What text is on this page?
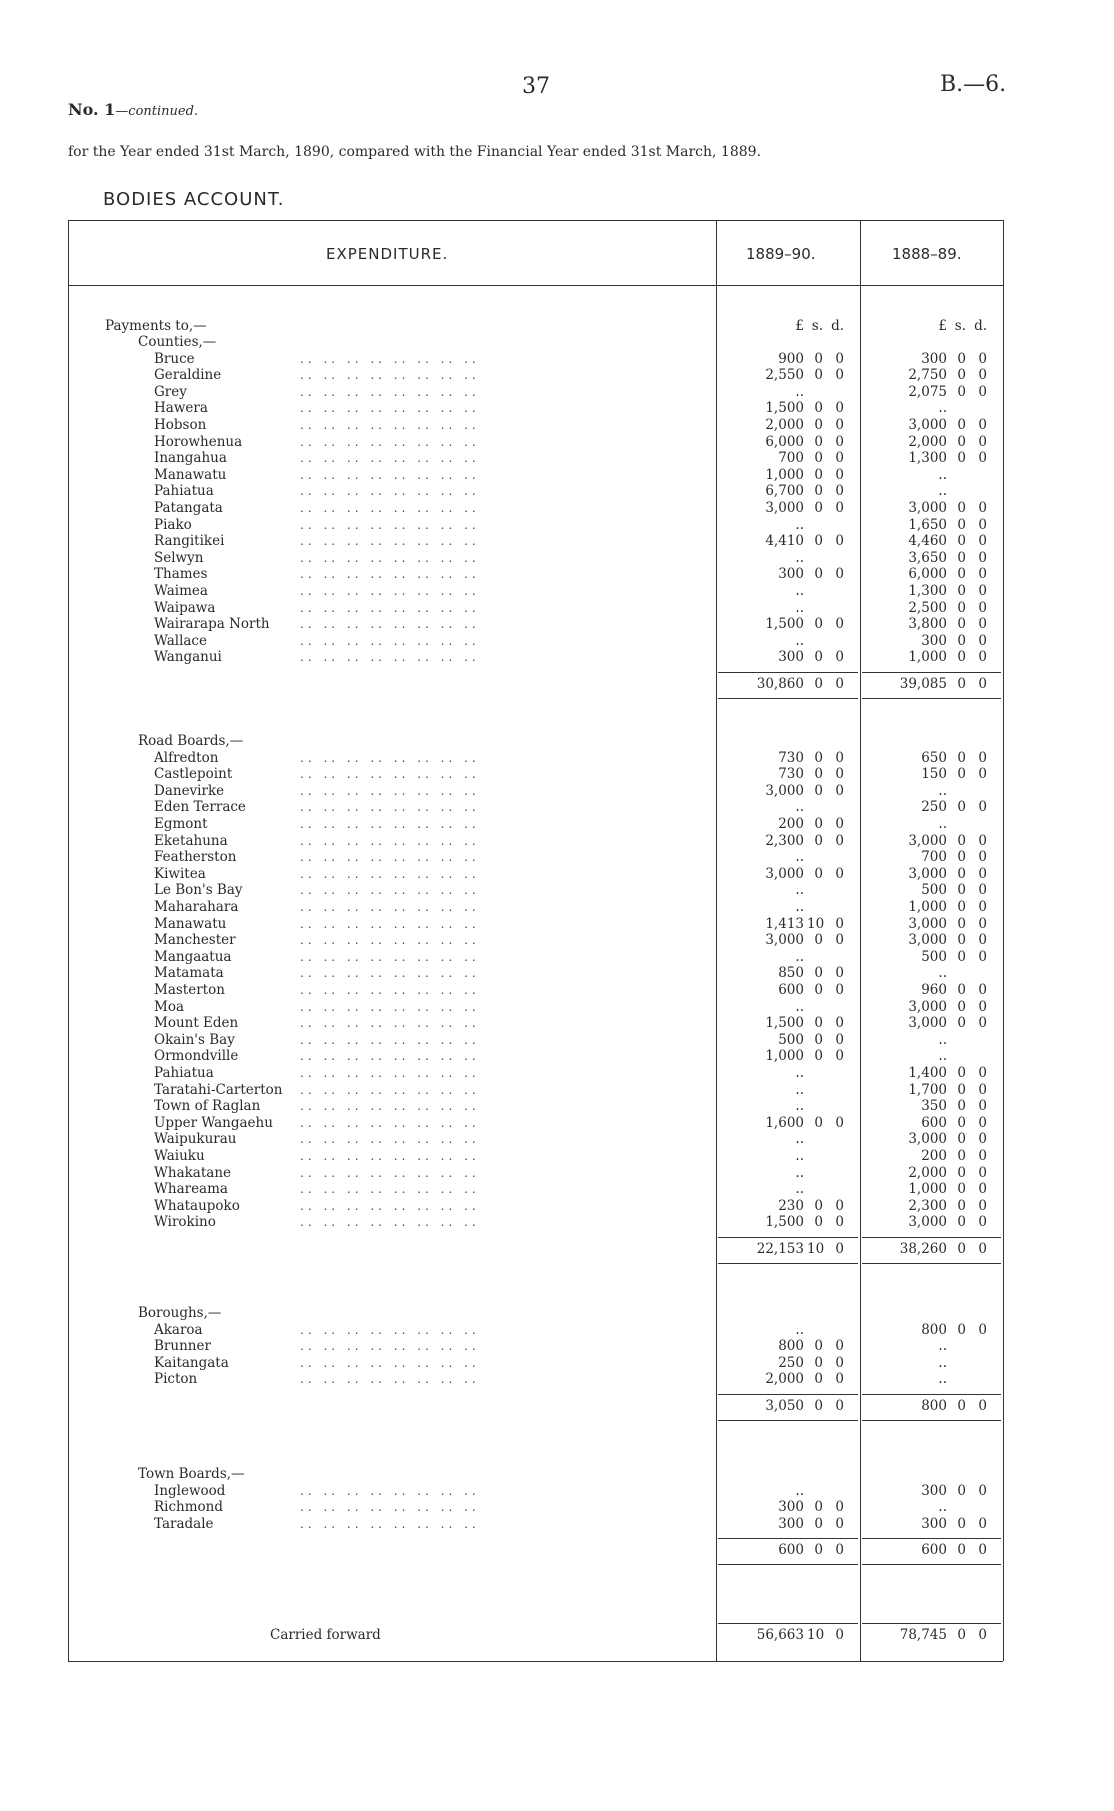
37	B.—6.
No. 1—continued.
for the Year ended 31st March, 1890, compared with the Financial Year ended 31st March, 1889.
BODIES ACCOUNT.
EXPENDITURE.	1889–90.	1888–89.
Payments to,—	£ s. d.	£ s. d.
Counties,—
Bruce	.. .. .. .. .. .. .. ..	900 0 0	300 0 0
Geraldine	.. .. .. .. .. .. .. ..	2,550 0 0	2,750 0 0
Grey	.. .. .. .. .. .. .. ..	..	2,075 0 0
Hawera	.. .. .. .. .. .. .. ..	1,500 0 0	..
Hobson	.. .. .. .. .. .. .. ..	2,000 0 0	3,000 0 0
Horowhenua	.. .. .. .. .. .. .. ..	6,000 0 0	2,000 0 0
Inangahua	.. .. .. .. .. .. .. ..	700 0 0	1,300 0 0
Manawatu	.. .. .. .. .. .. .. ..	1,000 0 0	..
Pahiatua	.. .. .. .. .. .. .. ..	6,700 0 0	..
Patangata	.. .. .. .. .. .. .. ..	3,000 0 0	3,000 0 0
Piako	.. .. .. .. .. .. .. ..	..	1,650 0 0
Rangitikei	.. .. .. .. .. .. .. ..	4,410 0 0	4,460 0 0
Selwyn	.. .. .. .. .. .. .. ..	..	3,650 0 0
Thames	.. .. .. .. .. .. .. ..	300 0 0	6,000 0 0
Waimea	.. .. .. .. .. .. .. ..	..	1,300 0 0
Waipawa	.. .. .. .. .. .. .. ..	..	2,500 0 0
Wairarapa North	.. .. .. .. .. .. .. ..	1,500 0 0	3,800 0 0
Wallace	.. .. .. .. .. .. .. ..	..	300 0 0
Wanganui	.. .. .. .. .. .. .. ..	300 0 0	1,000 0 0
30,860 0 0	39,085 0 0
Road Boards,—
Alfredton	.. .. .. .. .. .. .. ..	730 0 0	650 0 0
Castlepoint	.. .. .. .. .. .. .. ..	730 0 0	150 0 0
Danevirke	.. .. .. .. .. .. .. ..	3,000 0 0	..
Eden Terrace	.. .. .. .. .. .. .. ..	..	250 0 0
Egmont	.. .. .. .. .. .. .. ..	200 0 0	..
Eketahuna	.. .. .. .. .. .. .. ..	2,300 0 0	3,000 0 0
Featherston	.. .. .. .. .. .. .. ..	..	700 0 0
Kiwitea	.. .. .. .. .. .. .. ..	3,000 0 0	3,000 0 0
Le Bon's Bay	.. .. .. .. .. .. .. ..	..	500 0 0
Maharahara	.. .. .. .. .. .. .. ..	..	1,000 0 0
Manawatu	.. .. .. .. .. .. .. ..	1,413 10 0	3,000 0 0
Manchester	.. .. .. .. .. .. .. ..	3,000 0 0	3,000 0 0
Mangaatua	.. .. .. .. .. .. .. ..	..	500 0 0
Matamata	.. .. .. .. .. .. .. ..	850 0 0	..
Masterton	.. .. .. .. .. .. .. ..	600 0 0	960 0 0
Moa	.. .. .. .. .. .. .. ..	..	3,000 0 0
Mount Eden	.. .. .. .. .. .. .. ..	1,500 0 0	3,000 0 0
Okain's Bay	.. .. .. .. .. .. .. ..	500 0 0	..
Ormondville	.. .. .. .. .. .. .. ..	1,000 0 0	..
Pahiatua	.. .. .. .. .. .. .. ..	..	1,400 0 0
Taratahi-Carterton .. .. .. .. .. .. .. ..	..	1,700 0 0
Town of Raglan	.. .. .. .. .. .. .. ..	..	350 0 0
Upper Wangaehu .. .. .. .. .. .. .. ..	1,600 0 0	600 0 0
Waipukurau	.. .. .. .. .. .. .. ..	..	3,000 0 0
Waiuku	.. .. .. .. .. .. .. ..	..	200 0 0
Whakatane	.. .. .. .. .. .. .. ..	..	2,000 0 0
Whareama	.. .. .. .. .. .. .. ..	..	1,000 0 0
Whataupoko	.. .. .. .. .. .. .. ..	230 0 0	2,300 0 0
Wirokino	.. .. .. .. .. .. .. ..	1,500 0 0	3,000 0 0
22,153 10 0	38,260 0 0
Boroughs,—
Akaroa	.. .. .. .. .. .. .. ..	..	800 0 0
Brunner	.. .. .. .. .. .. .. ..	800 0 0	..
Kaitangata	.. .. .. .. .. .. .. ..	250 0 0	..
Picton	.. .. .. .. .. .. .. ..	2,000 0 0	..
3,050 0 0	800 0 0
Town Boards,—
Inglewood	.. .. .. .. .. .. .. ..	..	300 0 0
Richmond	.. .. .. .. .. .. .. ..	300 0 0	..
Taradale	.. .. .. .. .. .. .. ..	300 0 0	300 0 0
600 0 0	600 0 0
Carried forward	56,663 10 0	78,745 0 0
